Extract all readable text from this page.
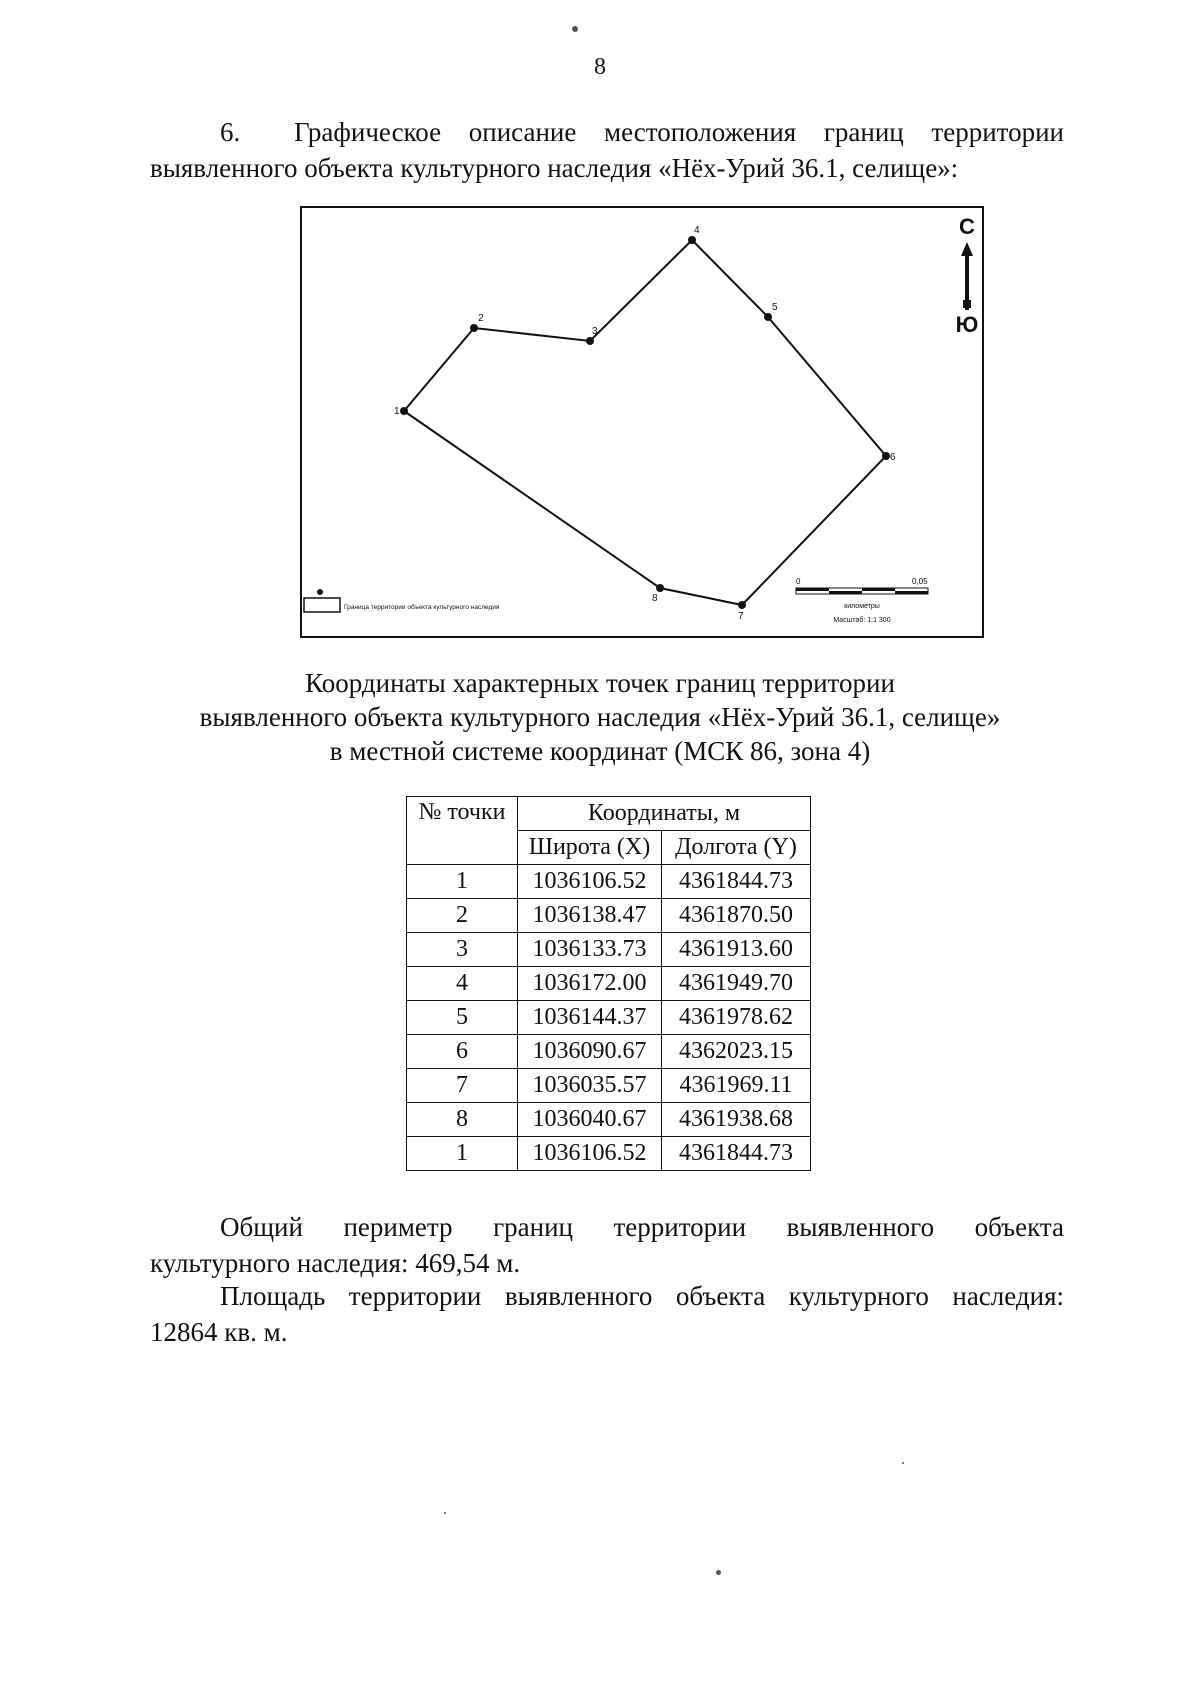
8
6. Графическое описание местоположения границ территории
выявленного объекта культурного наследия «Нёх-Урий 36.1, селище»:
1
2
3
4
5
6
7
8
С
Ю
Граница территории объекта культурного наследия
0	0,05
километры
Масштаб: 1:1 300
Координаты характерных точек границ территории
выявленного объекта культурного наследия «Нёх-Урий 36.1, селище»
в местной системе координат (МСК 86, зона 4)
№ точки	Координаты, м	
	Широта (X)	Долгота (Y)
1	1036106.52	4361844.73
2	1036138.47	4361870.50
3	1036133.73	4361913.60
4	1036172.00	4361949.70
5	1036144.37	4361978.62
6	1036090.67	4362023.15
7	1036035.57	4361969.11
8	1036040.67	4361938.68
1	1036106.52	4361844.73
Общий периметр границ территории выявленного объекта
культурного наследия: 469,54 м.
Площадь территории выявленного объекта культурного наследия:
12864 кв. м.
